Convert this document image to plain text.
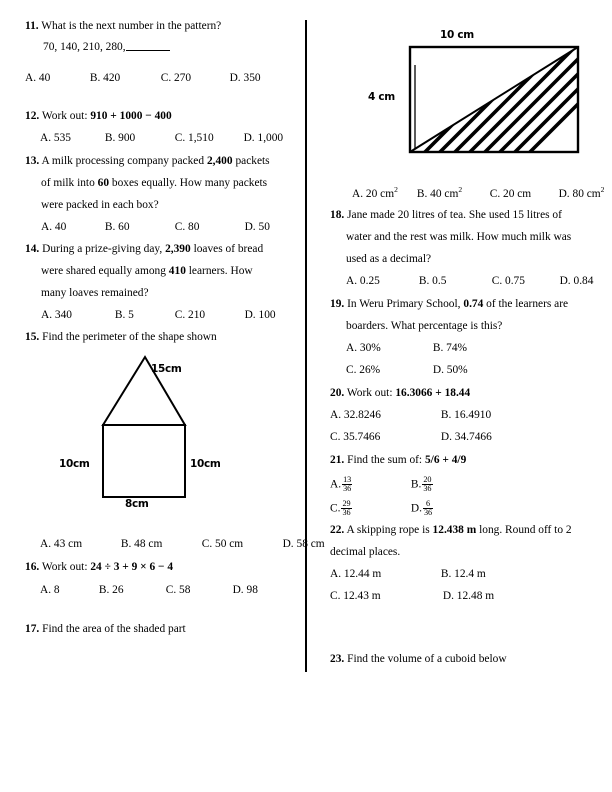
11. What is the next number in the pattern?
70, 140, 210, 280,
A. 40	B. 420	C. 270	D. 350
12. Work out: 910 + 1000 − 400
A. 535	B. 900	C. 1,510	D. 1,000
13. A milk processing company packed 2,400 packets
of milk into 60 boxes equally. How many packets
were packed in each box?
A. 40	B. 60	C. 80	D. 50
14. During a prize-giving day, 2,390 loaves of bread
were shared equally among 410 learners. How
many loaves remained?
A. 340	B. 5	C. 210	D. 100
15. Find the perimeter of the shape shown
15cm
10cm	10cm
8cm
A. 43 cm	B. 48 cm	C. 50 cm	D. 58 cm
16. Work out: 24 ÷ 3 + 9 × 6 − 4
A. 8	B. 26	C. 58	D. 98
17. Find the area of the shaded part
10 cm
4 cm
A. 20 $cm^2$ B. 40 $cm^2$ C. 20 cm D. 80 $cm^2$
18. Jane made 20 litres of tea. She used 15 litres of
water and the rest was milk. How much milk was
used as a decimal?
A. 0.25	B. 0.5	C. 0.75	D. 0.84
19. In Weru Primary School, 0.74 of the learners are
boarders. What percentage is this?
A. 30%	B. 74%
C. 26%	D. 50%
20. Work out: 16.3066 + 18.44
A. 32.8246	B. 16.4910
C. 35.7466	D. 34.7466
21. Find the sum of: 5/6 + 4/9
A. $\frac{13}{36}$	B. $\frac{20}{36}$
C. $\frac{29}{36}$	D. $\frac{6}{36}$
22. A skipping rope is 12.438 m long. Round off to 2
decimal places.
A. 12.44 m	B. 12.4 m
C. 12.43 m	D. 12.48 m
23. Find the volume of a cuboid below
